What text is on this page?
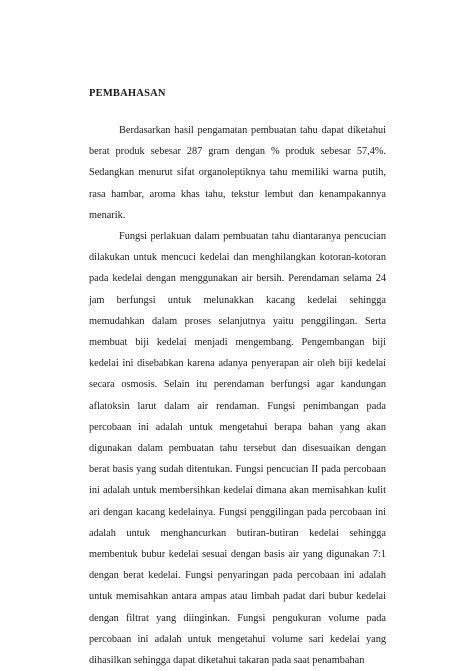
PEMBAHASAN

Berdasarkan hasil pengamatan pembuatan tahu dapat diketahui berat produk sebesar 287 gram dengan % produk sebesar 57,4%. Sedangkan menurut sifat organoleptiknya tahu memiliki warna putih, rasa hambar, aroma khas tahu, tekstur lembut dan kenampakannya menarik.

Fungsi perlakuan dalam pembuatan tahu diantaranya pencucian dilakukan untuk mencuci kedelai dan menghilangkan kotoran-kotoran pada kedelai dengan menggunakan air bersih. Perendaman selama 24 jam berfungsi untuk melunakkan kacang kedelai sehingga memudahkan dalam proses selanjutnya yaitu penggilingan. Serta membuat biji kedelai menjadi mengembang. Pengembangan biji kedelai ini disebabkan karena adanya penyerapan air oleh biji kedelai secara osmosis. Selain itu perendaman berfungsi agar kandungan aflatoksin larut dalam air rendaman. Fungsi penimbangan pada percobaan ini adalah untuk mengetahui berapa bahan yang akan digunakan dalam pembuatan tahu tersebut dan disesuaikan dengan berat basis yang sudah ditentukan. Fungsi pencucian II pada percobaan ini adalah untuk membersihkan kedelai dimana akan memisahkan kulit ari dengan kacang kedelainya. Fungsi penggilingan pada percobaan ini adalah untuk menghancurkan butiran-butiran kedelai sehingga membentuk bubur kedelai sesuai dengan basis air yang digunakan 7:1 dengan berat kedelai. Fungsi penyaringan pada percobaan ini adalah untuk memisahkan antara ampas atau limbah padat dari bubur kedelai dengan filtrat yang diinginkan. Fungsi pengukuran volume pada percobaan ini adalah untuk mengetahui volume sari kedelai yang dihasilkan sehingga dapat diketahui takaran pada saat penambahan
